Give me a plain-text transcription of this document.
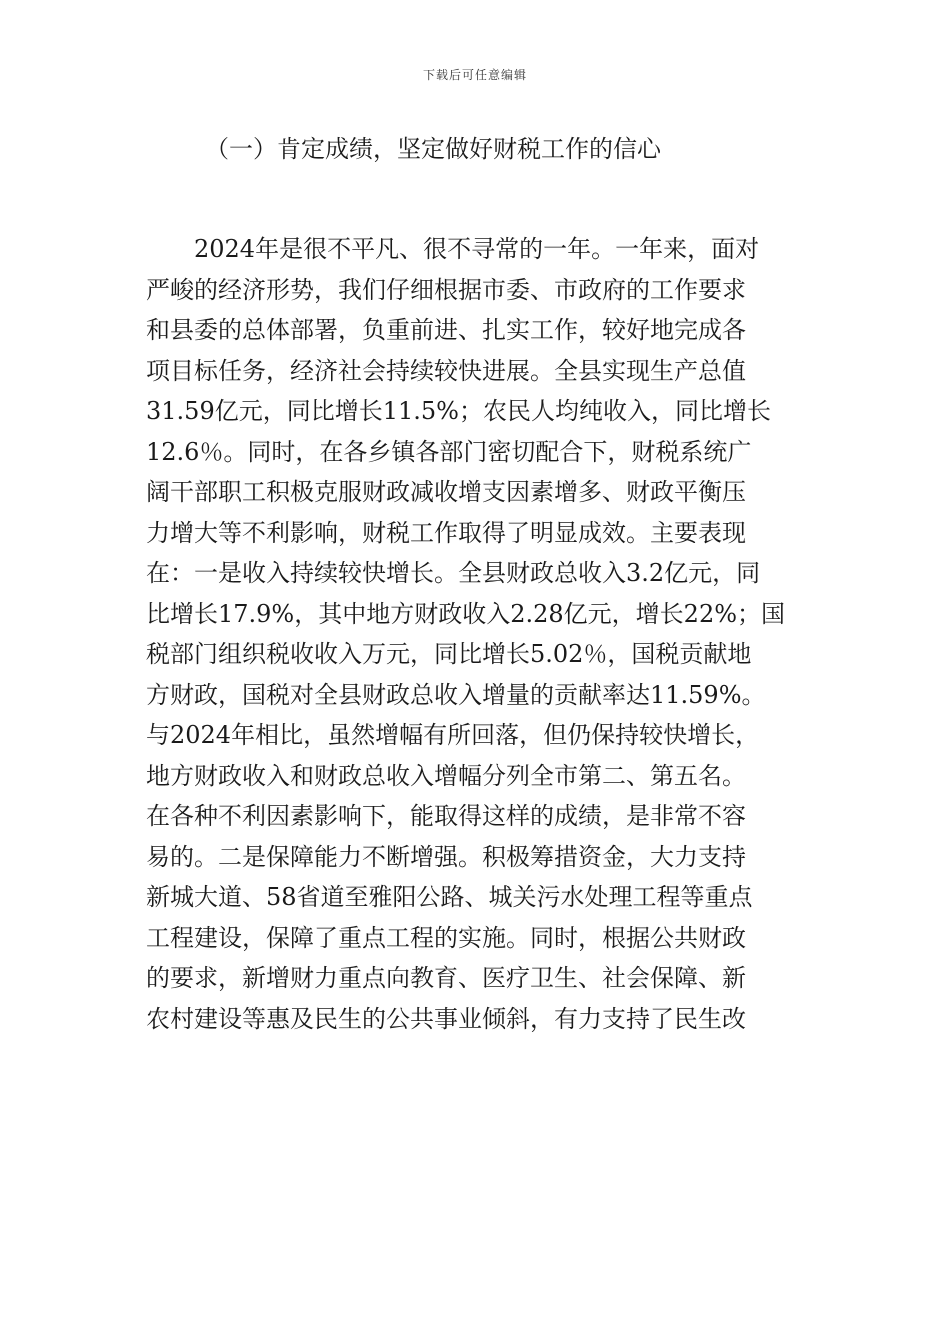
下载后可任意编辑
（一）肯定成绩，坚定做好财税工作的信心
　　2024年是很不平凡、很不寻常的一年。一年来，面对
严峻的经济形势，我们仔细根据市委、市政府的工作要求
和县委的总体部署，负重前进、扎实工作，较好地完成各
项目标任务，经济社会持续较快进展。全县实现生产总值
31.59亿元，同比增长11.5%；农民人均纯收入，同比增长
12.6％。同时，在各乡镇各部门密切配合下，财税系统广
阔干部职工积极克服财政减收增支因素增多、财政平衡压
力增大等不利影响，财税工作取得了明显成效。主要表现
在：一是收入持续较快增长。全县财政总收入3.2亿元，同
比增长17.9%，其中地方财政收入2.28亿元，增长22%；国
税部门组织税收收入万元，同比增长5.02％，国税贡献地
方财政，国税对全县财政总收入增量的贡献率达11.59%。
与2024年相比，虽然增幅有所回落，但仍保持较快增长，
地方财政收入和财政总收入增幅分列全市第二、第五名。
在各种不利因素影响下，能取得这样的成绩，是非常不容
易的。二是保障能力不断增强。积极筹措资金，大力支持
新城大道、58省道至雅阳公路、城关污水处理工程等重点
工程建设，保障了重点工程的实施。同时，根据公共财政
的要求，新增财力重点向教育、医疗卫生、社会保障、新
农村建设等惠及民生的公共事业倾斜，有力支持了民生改
